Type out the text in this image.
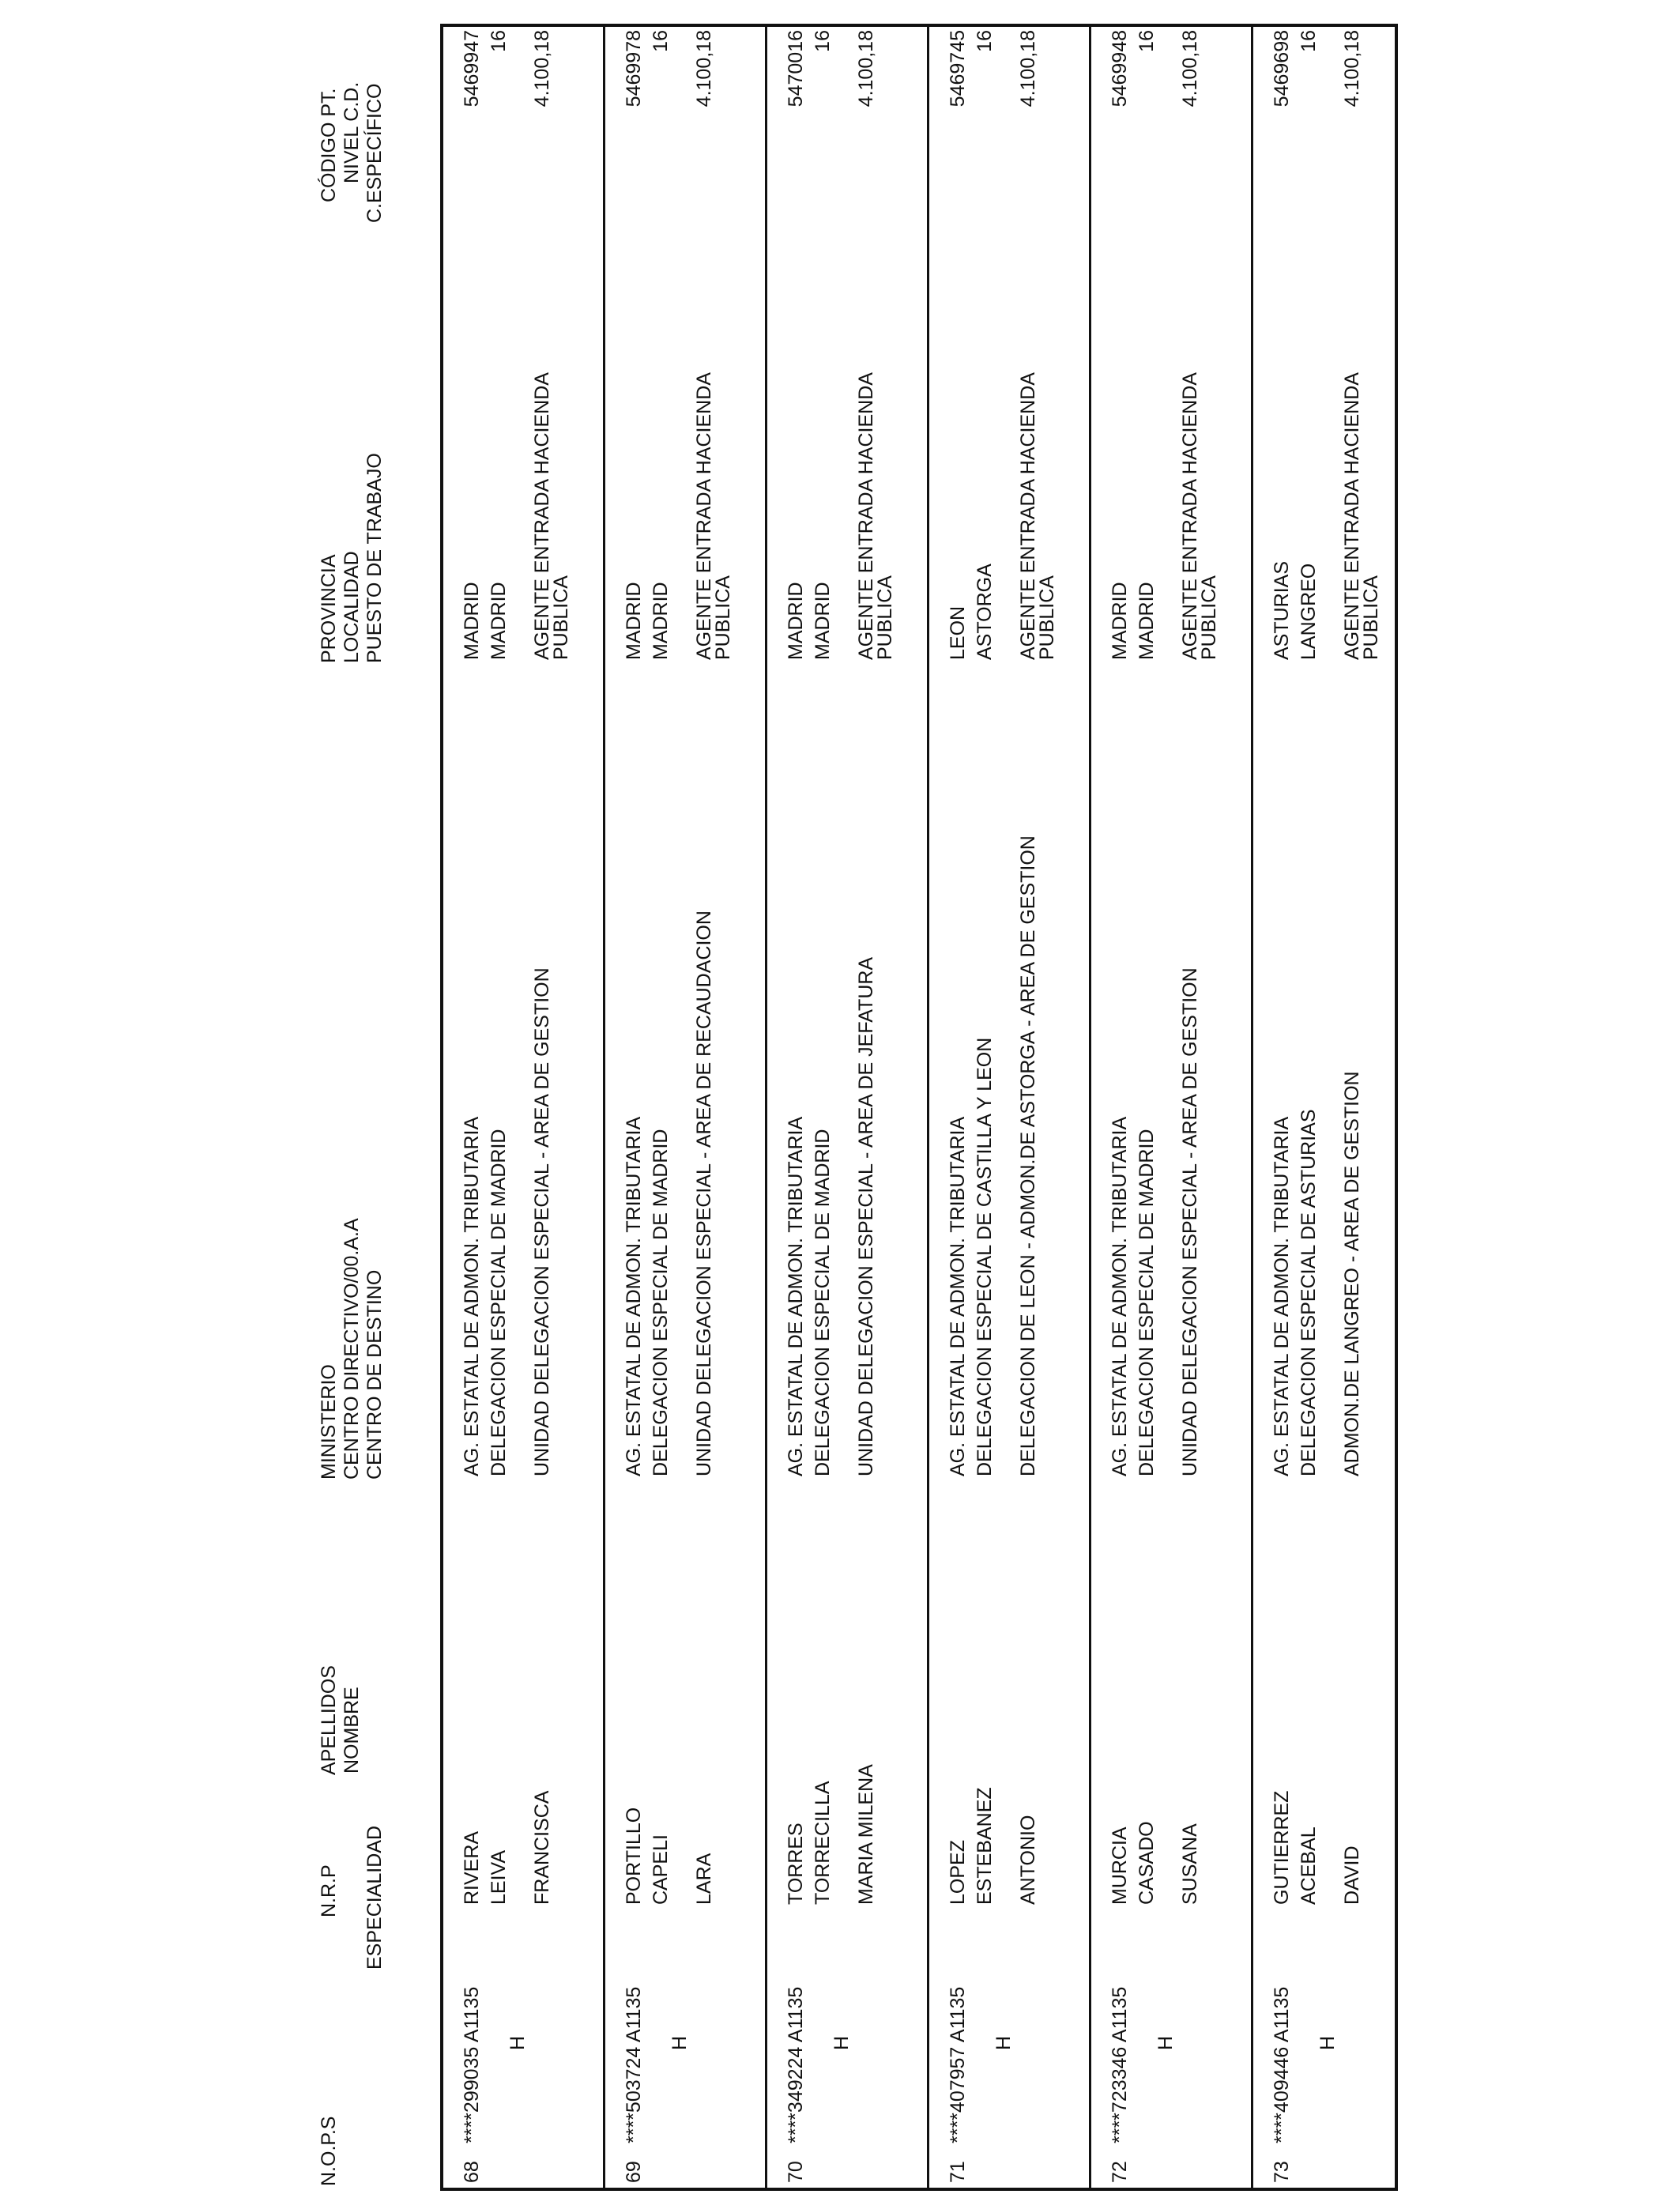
N.O.P.S
N.R.P ESPECIALIDAD
APELLIDOS NOMBRE
MINISTERIO CENTRO DIRECTIVO/00.A.A CENTRO DE DESTINO
PROVINCIA LOCALIDAD PUESTO DE TRABAJO
CÓDIGO PT. NIVEL C.D. C.ESPECÍFICO
68
****299035 A1135 H
RIVERA LEIVA FRANCISCA
AG. ESTATAL DE ADMON. TRIBUTARIA DELEGACION ESPECIAL DE MADRID UNIDAD DELEGACION ESPECIAL - AREA DE GESTION
MADRID MADRID AGENTE ENTRADA HACIENDA
PUBLICA
5469947 16 4.100,18
69
****503724 A1135 H
PORTILLO CAPELI LARA
AG. ESTATAL DE ADMON. TRIBUTARIA DELEGACION ESPECIAL DE MADRID UNIDAD DELEGACION ESPECIAL - AREA DE RECAUDACION
MADRID MADRID AGENTE ENTRADA HACIENDA
PUBLICA
5469978 16 4.100,18
70
****349224 A1135 H
TORRES TORRECILLA MARIA MILENA
AG. ESTATAL DE ADMON. TRIBUTARIA DELEGACION ESPECIAL DE MADRID UNIDAD DELEGACION ESPECIAL - AREA DE JEFATURA
MADRID MADRID AGENTE ENTRADA HACIENDA
PUBLICA
5470016 16 4.100,18
71
****407957 A1135 H
LOPEZ ESTEBANEZ ANTONIO
AG. ESTATAL DE ADMON. TRIBUTARIA DELEGACION ESPECIAL DE CASTILLA Y LEON DELEGACION DE LEON - ADMON.DE ASTORGA - AREA DE GESTION
LEON ASTORGA AGENTE ENTRADA HACIENDA
PUBLICA
5469745 16 4.100,18
72
****723346 A1135 H
MURCIA CASADO SUSANA
AG. ESTATAL DE ADMON. TRIBUTARIA DELEGACION ESPECIAL DE MADRID UNIDAD DELEGACION ESPECIAL - AREA DE GESTION
MADRID MADRID AGENTE ENTRADA HACIENDA
PUBLICA
5469948 16 4.100,18
73
****409446 A1135 H
GUTIERREZ ACEBAL DAVID
AG. ESTATAL DE ADMON. TRIBUTARIA DELEGACION ESPECIAL DE ASTURIAS ADMON.DE LANGREO - AREA DE GESTION
ASTURIAS LANGREO AGENTE ENTRADA HACIENDA
PUBLICA
5469698 16 4.100,18
